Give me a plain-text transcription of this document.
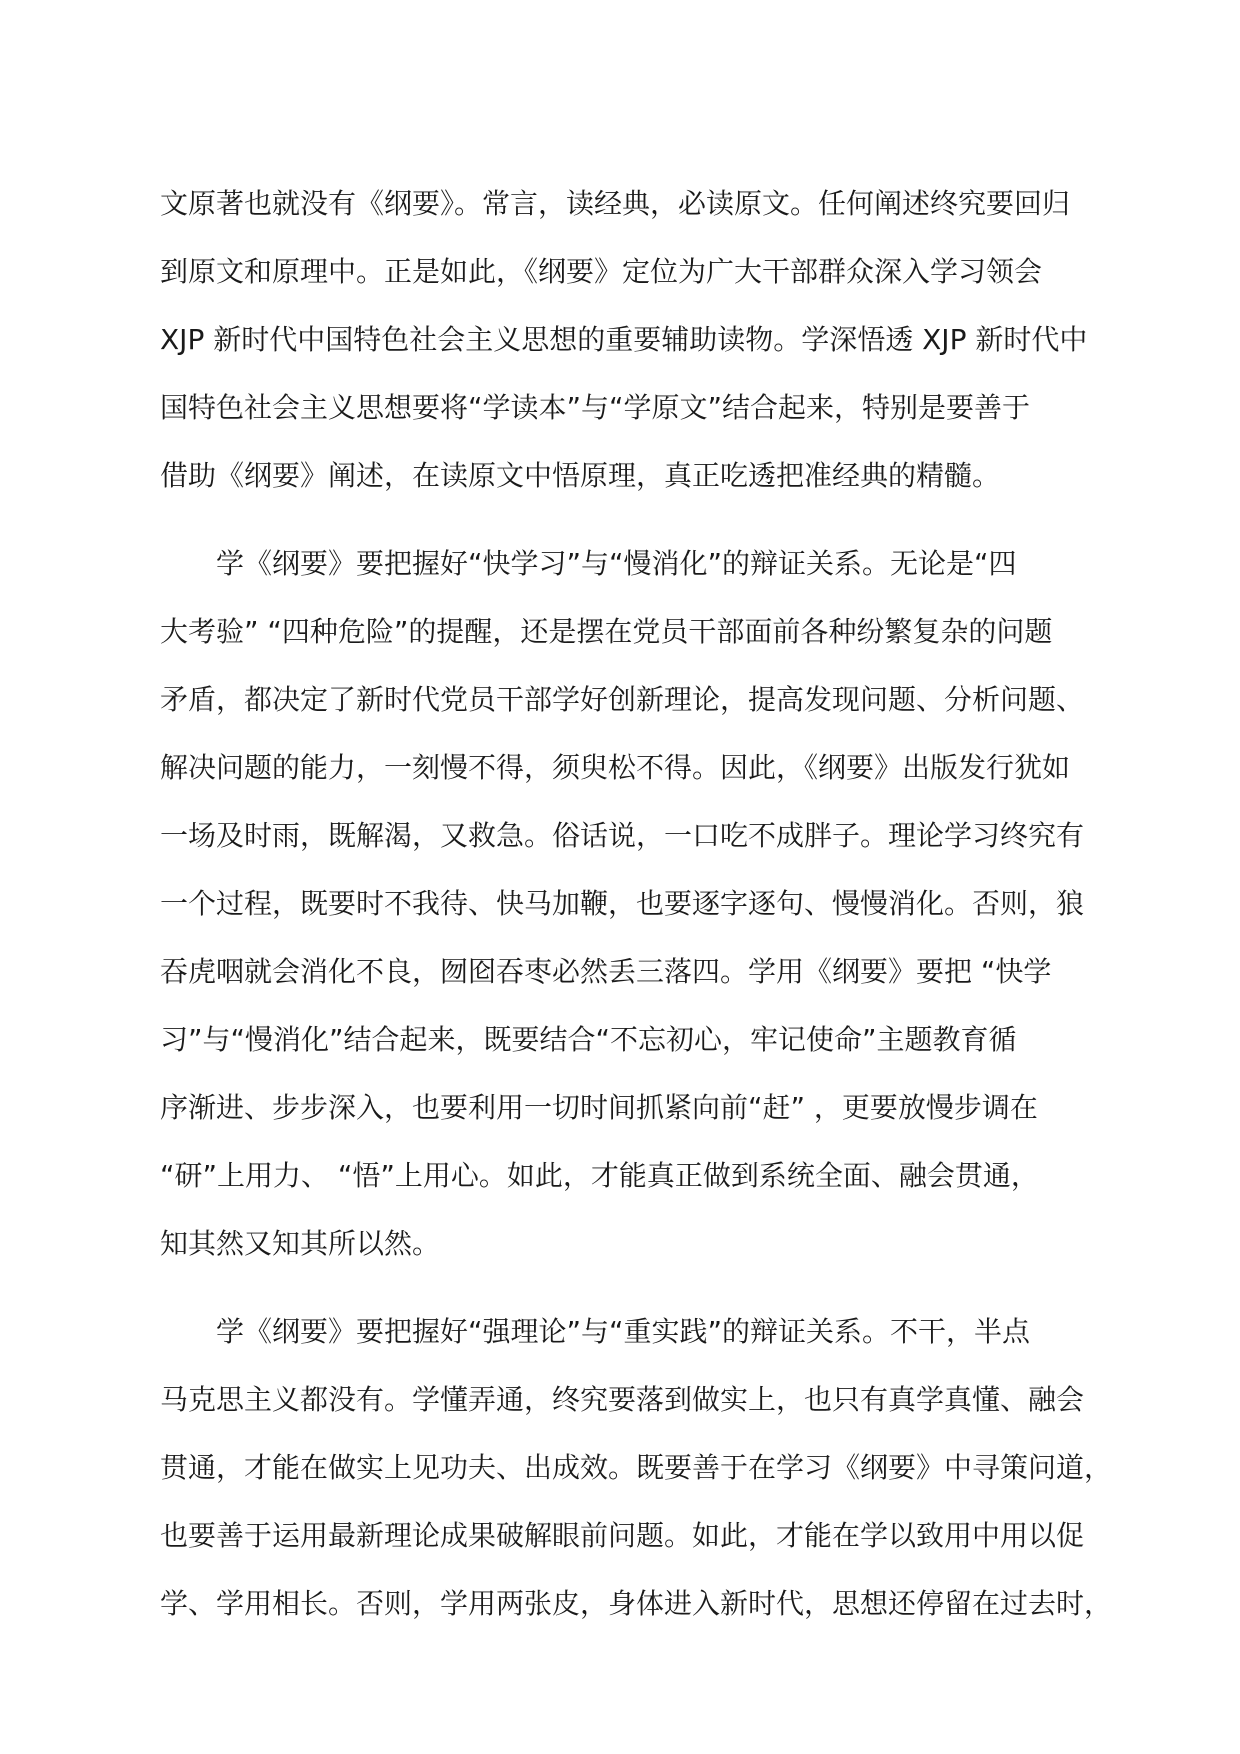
文原著也就没有《纲要》。常言，读经典，必读原文。任何阐述终究要回归
到原文和原理中。正是如此，《纲要》定位为广大干部群众深入学习领会
XJP 新时代中国特色社会主义思想的重要辅助读物。学深悟透 XJP 新时代中
国特色社会主义思想要将“学读本”与“学原文”结合起来，特别是要善于
借助《纲要》阐述，在读原文中悟原理，真正吃透把准经典的精髓。

学《纲要》要把握好“快学习”与“慢消化”的辩证关系。无论是“四
大考验” “四种危险”的提醒，还是摆在党员干部面前各种纷繁复杂的问题
矛盾，都决定了新时代党员干部学好创新理论，提高发现问题、分析问题、
解决问题的能力，一刻慢不得，须臾松不得。因此，《纲要》出版发行犹如
一场及时雨，既解渴，又救急。俗话说，一口吃不成胖子。理论学习终究有
一个过程，既要时不我待、快马加鞭，也要逐字逐句、慢慢消化。否则，狼
吞虎咽就会消化不良，囫囵吞枣必然丢三落四。学用《纲要》要把 “快学
习”与“慢消化”结合起来，既要结合“不忘初心，牢记使命”主题教育循
序渐进、步步深入，也要利用一切时间抓紧向前“赶” ，更要放慢步调在
“研”上用力、 “悟”上用心。如此，才能真正做到系统全面、融会贯通，
知其然又知其所以然。

学《纲要》要把握好“强理论”与“重实践”的辩证关系。不干，半点
马克思主义都没有。学懂弄通，终究要落到做实上，也只有真学真懂、融会
贯通，才能在做实上见功夫、出成效。既要善于在学习《纲要》中寻策问道，
也要善于运用最新理论成果破解眼前问题。如此，才能在学以致用中用以促
学、学用相长。否则，学用两张皮，身体进入新时代，思想还停留在过去时，
